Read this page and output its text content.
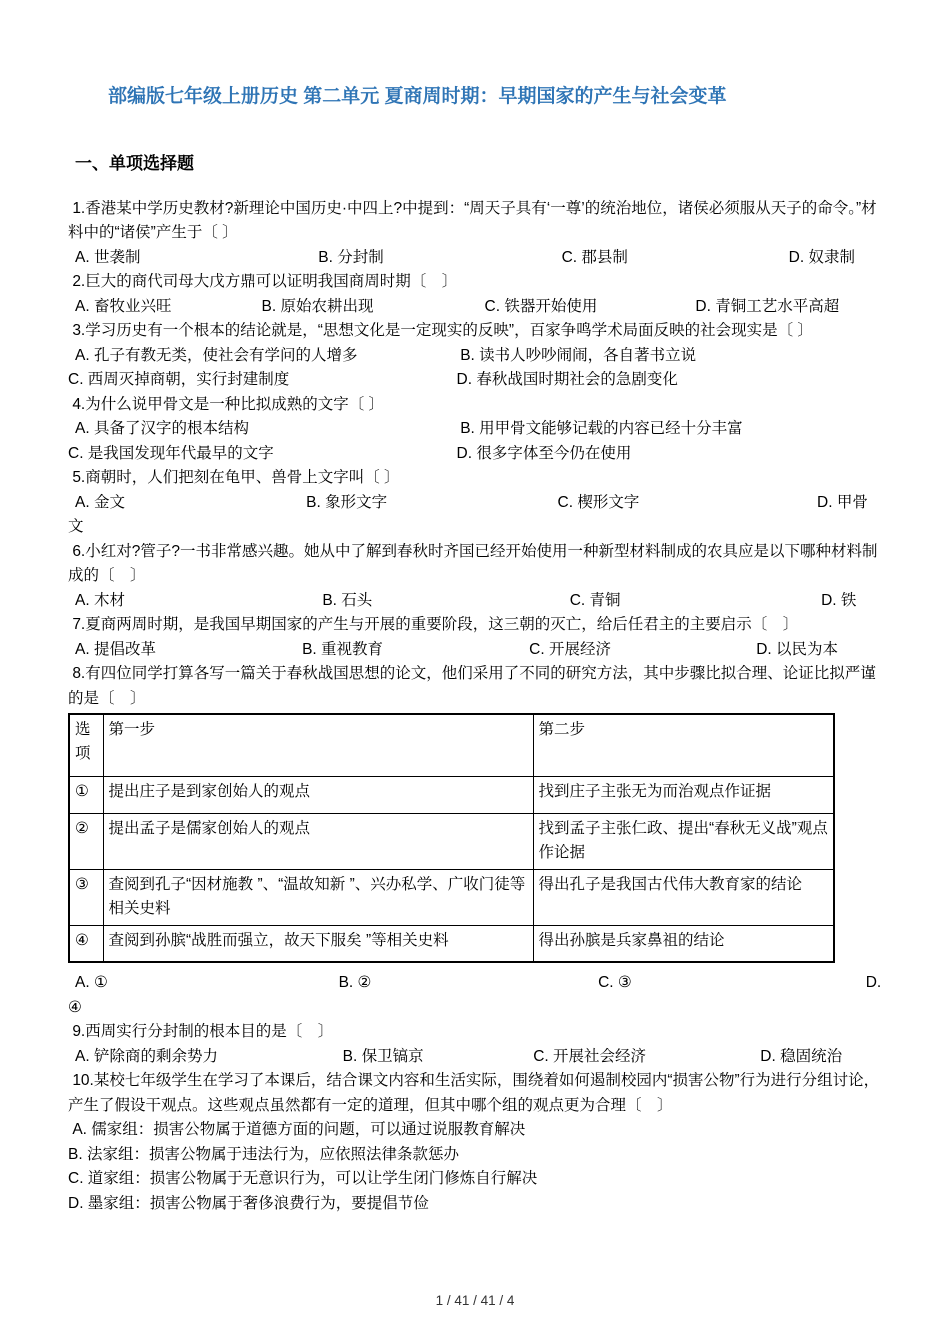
部编版七年级上册历史 第二单元 夏商周时期：早期国家的产生与社会变革
一、单项选择题

1.香港某中学历史教材?新理论中国历史·中四上?中提到：“周天子具有‘一尊’的统治地位，诸侯必须服从天子的命令。”材料中的“诸侯”产生于〔 〕

A. 世袭制	B. 分封制	C. 郡县制	D. 奴隶制

2.巨大的商代司母大戊方鼎可以证明我国商周时期〔　〕

A. 畜牧业兴旺	B. 原始农耕出现	C. 铁器开始使用	D. 青铜工艺水平高超

3.学习历史有一个根本的结论就是，“思想文化是一定现实的反映”，百家争鸣学术局面反映的社会现实是〔 〕

A. 孔子有教无类，使社会有学问的人增多	B. 读书人吵吵闹闹，各自著书立说
C. 西周灭掉商朝，实行封建制度	D. 春秋战国时期社会的急剧变化

4.为什么说甲骨文是一种比拟成熟的文字〔 〕

A. 具备了汉字的根本结构	B. 用甲骨文能够记载的内容已经十分丰富
C. 是我国发现年代最早的文字	D. 很多字体至今仍在使用

5.商朝时，人们把刻在龟甲、兽骨上文字叫〔 〕

A. 金文	B. 象形文字	C. 楔形文字	D. 甲骨

文

6.小红对?管子?一书非常感兴趣。她从中了解到春秋时齐国已经开始使用一种新型材料制成的农具应是以下哪种材料制成的〔　〕

A. 木材	B. 石头	C. 青铜	D. 铁

7.夏商两周时期，是我国早期国家的产生与开展的重要阶段，这三朝的灭亡，给后任君主的主要启示〔　〕

A. 提倡改革	B. 重视教育	C. 开展经济	D. 以民为本

8.有四位同学打算各写一篇关于春秋战国思想的论文，他们采用了不同的研究方法，其中步骤比拟合理、论证比拟严谨的是〔　〕

选项	第一步	第二步
①	提出庄子是到家创始人的观点	找到庄子主张无为而治观点作证据
②	提出孟子是儒家创始人的观点	找到孟子主张仁政、提出“春秋无义战”观点作论据
③	查阅到孔子“因材施教 ”、“温故知新 ”、兴办私学、广收门徒等相关史料	得出孔子是我国古代伟大教育家的结论
④	查阅到孙膑“战胜而强立，故天下服矣 ”等相关史料	得出孙膑是兵家鼻祖的结论
A. ①	B. ②	C. ③	D.

④

9.西周实行分封制的根本目的是〔　〕

A. 铲除商的剩余势力	B. 保卫镐京	C. 开展社会经济	D. 稳固统治

10.某校七年级学生在学习了本课后，结合课文内容和生活实际，围绕着如何遏制校园内“损害公物”行为进行分组讨论，产生了假设干观点。这些观点虽然都有一定的道理，但其中哪个组的观点更为合理〔　〕

A. 儒家组：损害公物属于道德方面的问题，可以通过说服教育解决

B. 法家组：损害公物属于违法行为，应依照法律条款惩办

C. 道家组：损害公物属于无意识行为，可以让学生闭门修炼自行解决

D. 墨家组：损害公物属于奢侈浪费行为，要提倡节俭

1 / 41 / 41 / 4
